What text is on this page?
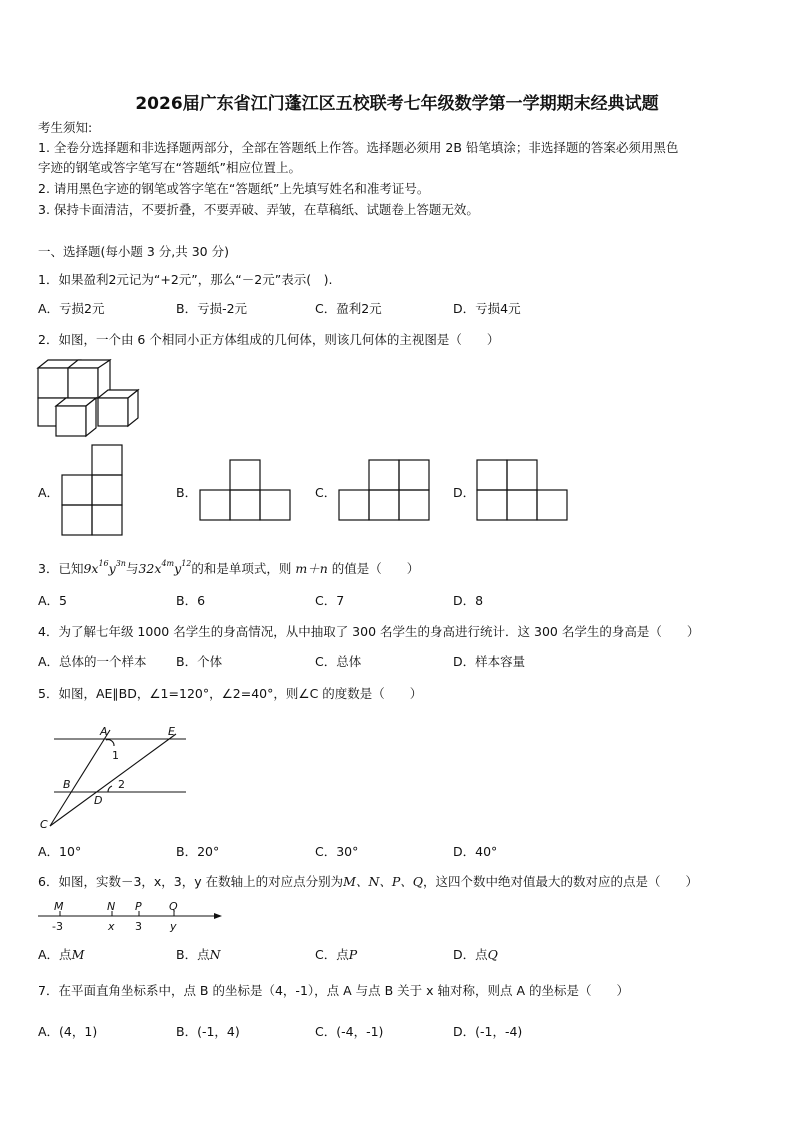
2026届广东省江门蓬江区五校联考七年级数学第一学期期末经典试题
考生须知:
1. 全卷分选择题和非选择题两部分，全部在答题纸上作答。选择题必须用 2B 铅笔填涂；非选择题的答案必须用黑色
字迹的钢笔或答字笔写在“答题纸”相应位置上。
2. 请用黑色字迹的钢笔或答字笔在“答题纸”上先填写姓名和准考证号。
3. 保持卡面清洁，不要折叠，不要弄破、弄皱，在草稿纸、试题卷上答题无效。
一、选择题(每小题 3 分,共 30 分)
1．如果盈利2元记为“+2元”，那么“－2元”表示(　).
A．亏损2元	B．亏损-2元	C．盈利2元	D．亏损4元
2．如图，一个由 6 个相同小正方体组成的几何体，则该几何体的主视图是（　　）
A．	B．	C．	D．
3．已知$9x^{16}y^{3n}$与$32x^{4m}y^{12}$的和是单项式，则 m＋n 的值是（　　）
A．5	B．6	C．7	D．8
4．为了解七年级 1000 名学生的身高情况，从中抽取了 300 名学生的身高进行统计．这 300 名学生的身高是（　　）
A．总体的一个样本 B．个体	C．总体	D．样本容量
5．如图，AE∥BD，∠1=120°，∠2=40°，则∠C 的度数是（　　）
A	E
1
B	2
D
C
A．10°	B．20°	C．30°	D．40°
6．如图，实数－3，x，3，y 在数轴上的对应点分别为M、N、P、Q，这四个数中绝对值最大的数对应的点是（　　）
M	N P Q
-3	x 3	y
A．点M	B．点N	C．点P	D．点Q
7．在平面直角坐标系中，点 B 的坐标是（4，-1），点 A 与点 B 关于 x 轴对称，则点 A 的坐标是（　　）
A．(4，1)	B．(-1，4)	C．(-4，-1)	D．(-1，-4)
